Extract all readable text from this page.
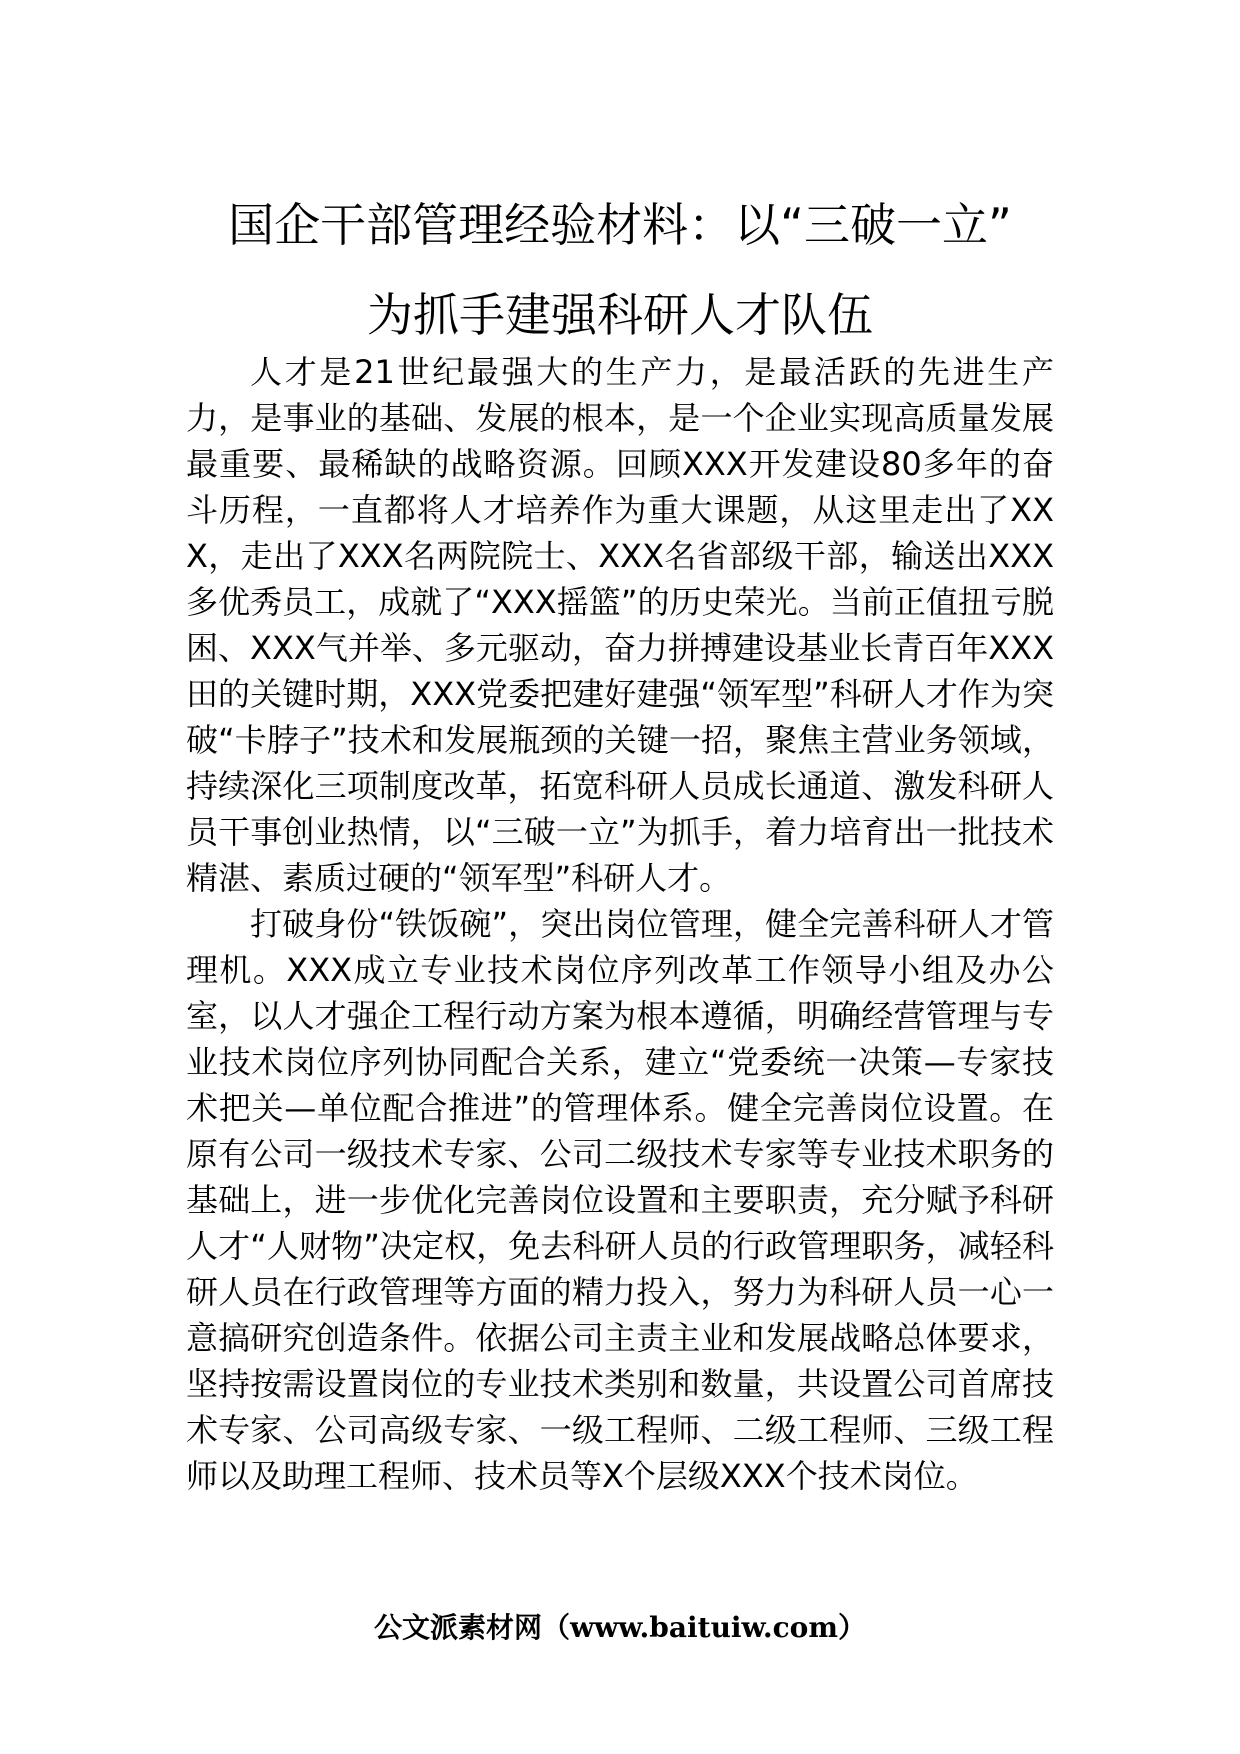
国企干部管理经验材料：以“三破一立”
为抓手建强科研人才队伍

人才是21世纪最强大的生产力，是最活跃的先进生产力，是事业的基础、发展的根本，是一个企业实现高质量发展最重要、最稀缺的战略资源。回顾XXX开发建设80多年的奋斗历程，一直都将人才培养作为重大课题，从这里走出了XXX，走出了XXX名两院院士、XXX名省部级干部，输送出XXX多优秀员工，成就了“XXX摇篮”的历史荣光。当前正值扭亏脱困、XXX气并举、多元驱动，奋力拼搏建设基业长青百年XXX田的关键时期，XXX党委把建好建强“领军型”科研人才作为突破“卡脖子”技术和发展瓶颈的关键一招，聚焦主营业务领域，持续深化三项制度改革，拓宽科研人员成长通道、激发科研人员干事创业热情，以“三破一立”为抓手，着力培育出一批技术精湛、素质过硬的“领军型”科研人才。

打破身份“铁饭碗”，突出岗位管理，健全完善科研人才管理机。XXX成立专业技术岗位序列改革工作领导小组及办公室，以人才强企工程行动方案为根本遵循，明确经营管理与专业技术岗位序列协同配合关系，建立“党委统一决策—专家技术把关—单位配合推进”的管理体系。健全完善岗位设置。在原有公司一级技术专家、公司二级技术专家等专业技术职务的基础上，进一步优化完善岗位设置和主要职责，充分赋予科研人才“人财物”决定权，免去科研人员的行政管理职务，减轻科研人员在行政管理等方面的精力投入，努力为科研人员一心一意搞研究创造条件。依据公司主责主业和发展战略总体要求，坚持按需设置岗位的专业技术类别和数量，共设置公司首席技术专家、公司高级专家、一级工程师、二级工程师、三级工程师以及助理工程师、技术员等X个层级XXX个技术岗位。

公文派素材网（www.baituiw.com）
